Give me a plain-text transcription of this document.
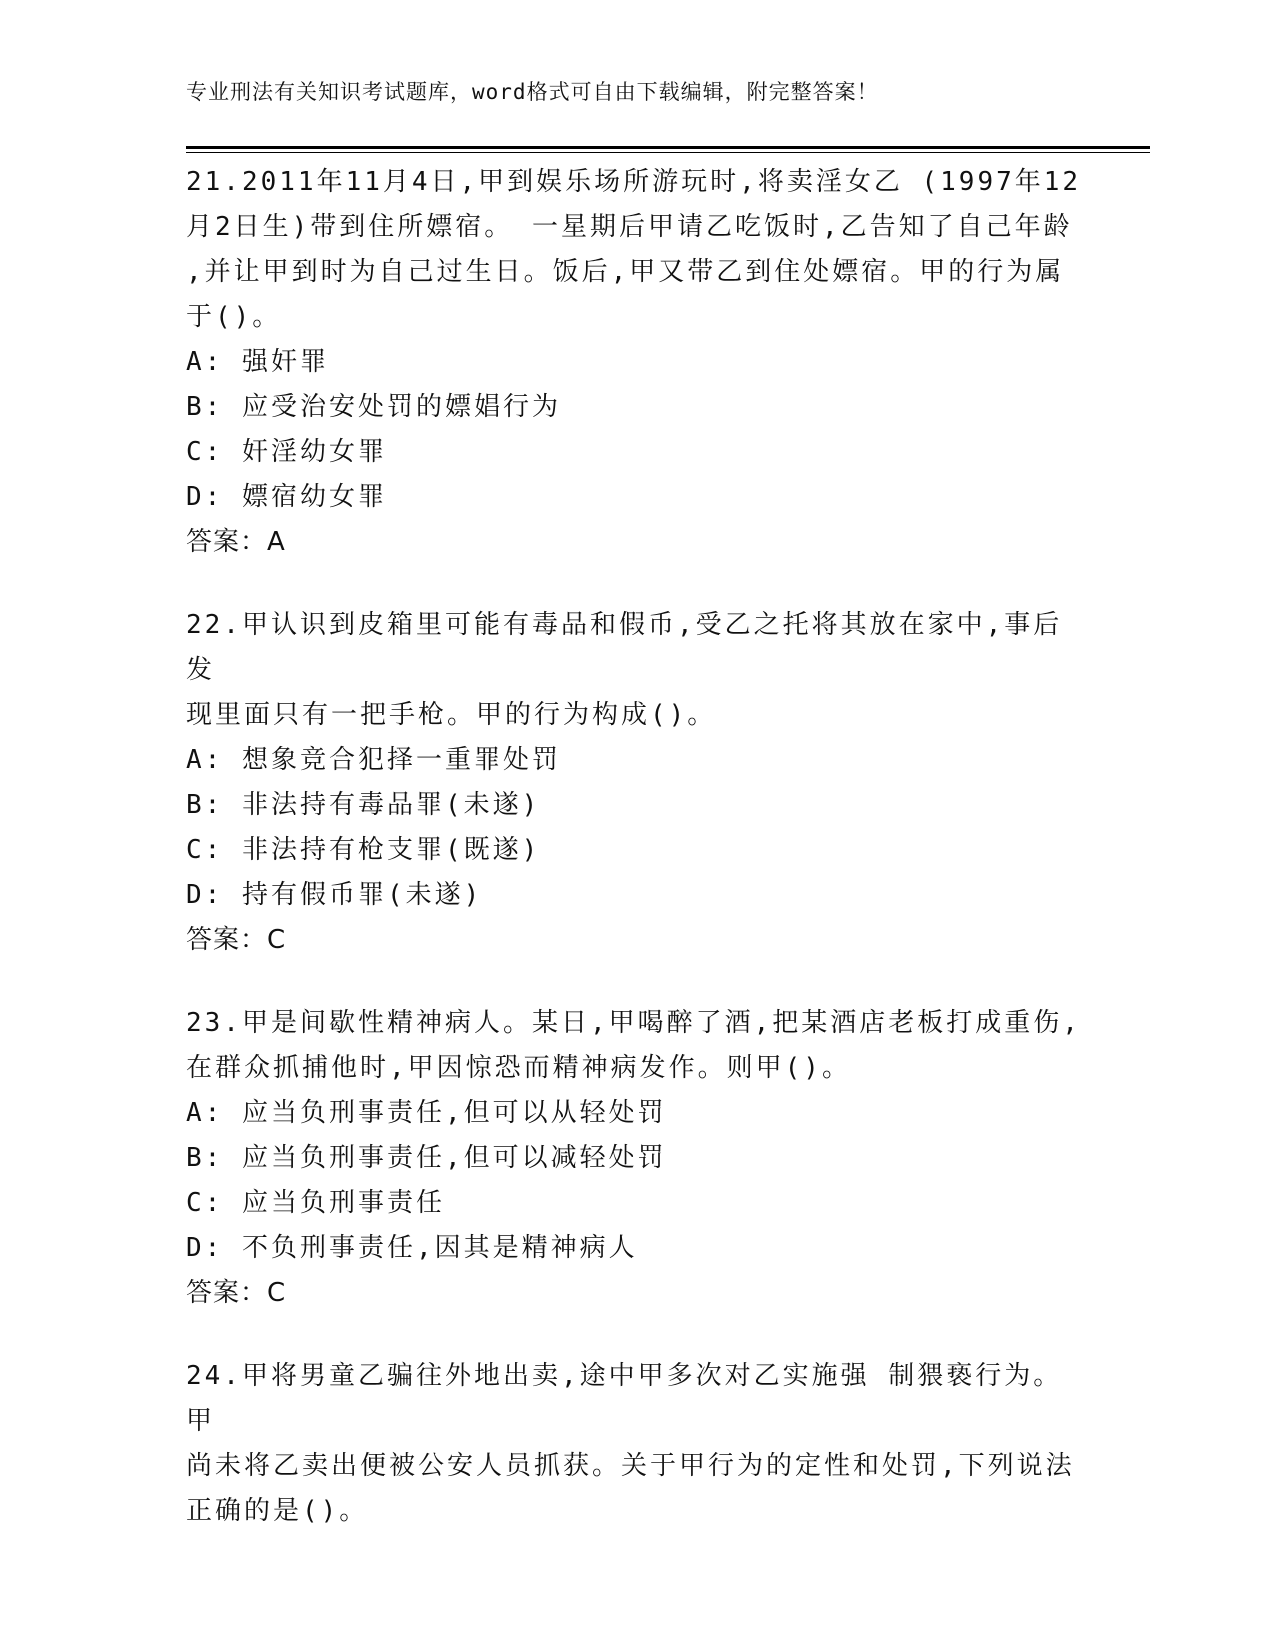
专业刑法有关知识考试题库，word格式可自由下载编辑，附完整答案！

21.2011年11月4日,甲到娱乐场所游玩时,将卖淫女乙 (1997年12
月2日生)带到住所嫖宿。 一星期后甲请乙吃饭时,乙告知了自己年龄
,并让甲到时为自己过生日。饭后,甲又带乙到住处嫖宿。甲的行为属
于()。

A: 强奸罪

B: 应受治安处罚的嫖娼行为

C: 奸淫幼女罪

D: 嫖宿幼女罪

答案：A

22.甲认识到皮箱里可能有毒品和假币,受乙之托将其放在家中,事后发
现里面只有一把手枪。甲的行为构成()。

A: 想象竞合犯择一重罪处罚

B: 非法持有毒品罪(未遂)

C: 非法持有枪支罪(既遂)

D: 持有假币罪(未遂)

答案：C

23.甲是间歇性精神病人。某日,甲喝醉了酒,把某酒店老板打成重伤,
在群众抓捕他时,甲因惊恐而精神病发作。则甲()。

A: 应当负刑事责任,但可以从轻处罚

B: 应当负刑事责任,但可以减轻处罚

C: 应当负刑事责任

D: 不负刑事责任,因其是精神病人

答案：C

24.甲将男童乙骗往外地出卖,途中甲多次对乙实施强 制猥亵行为。甲
尚未将乙卖出便被公安人员抓获。关于甲行为的定性和处罚,下列说法
正确的是()。
